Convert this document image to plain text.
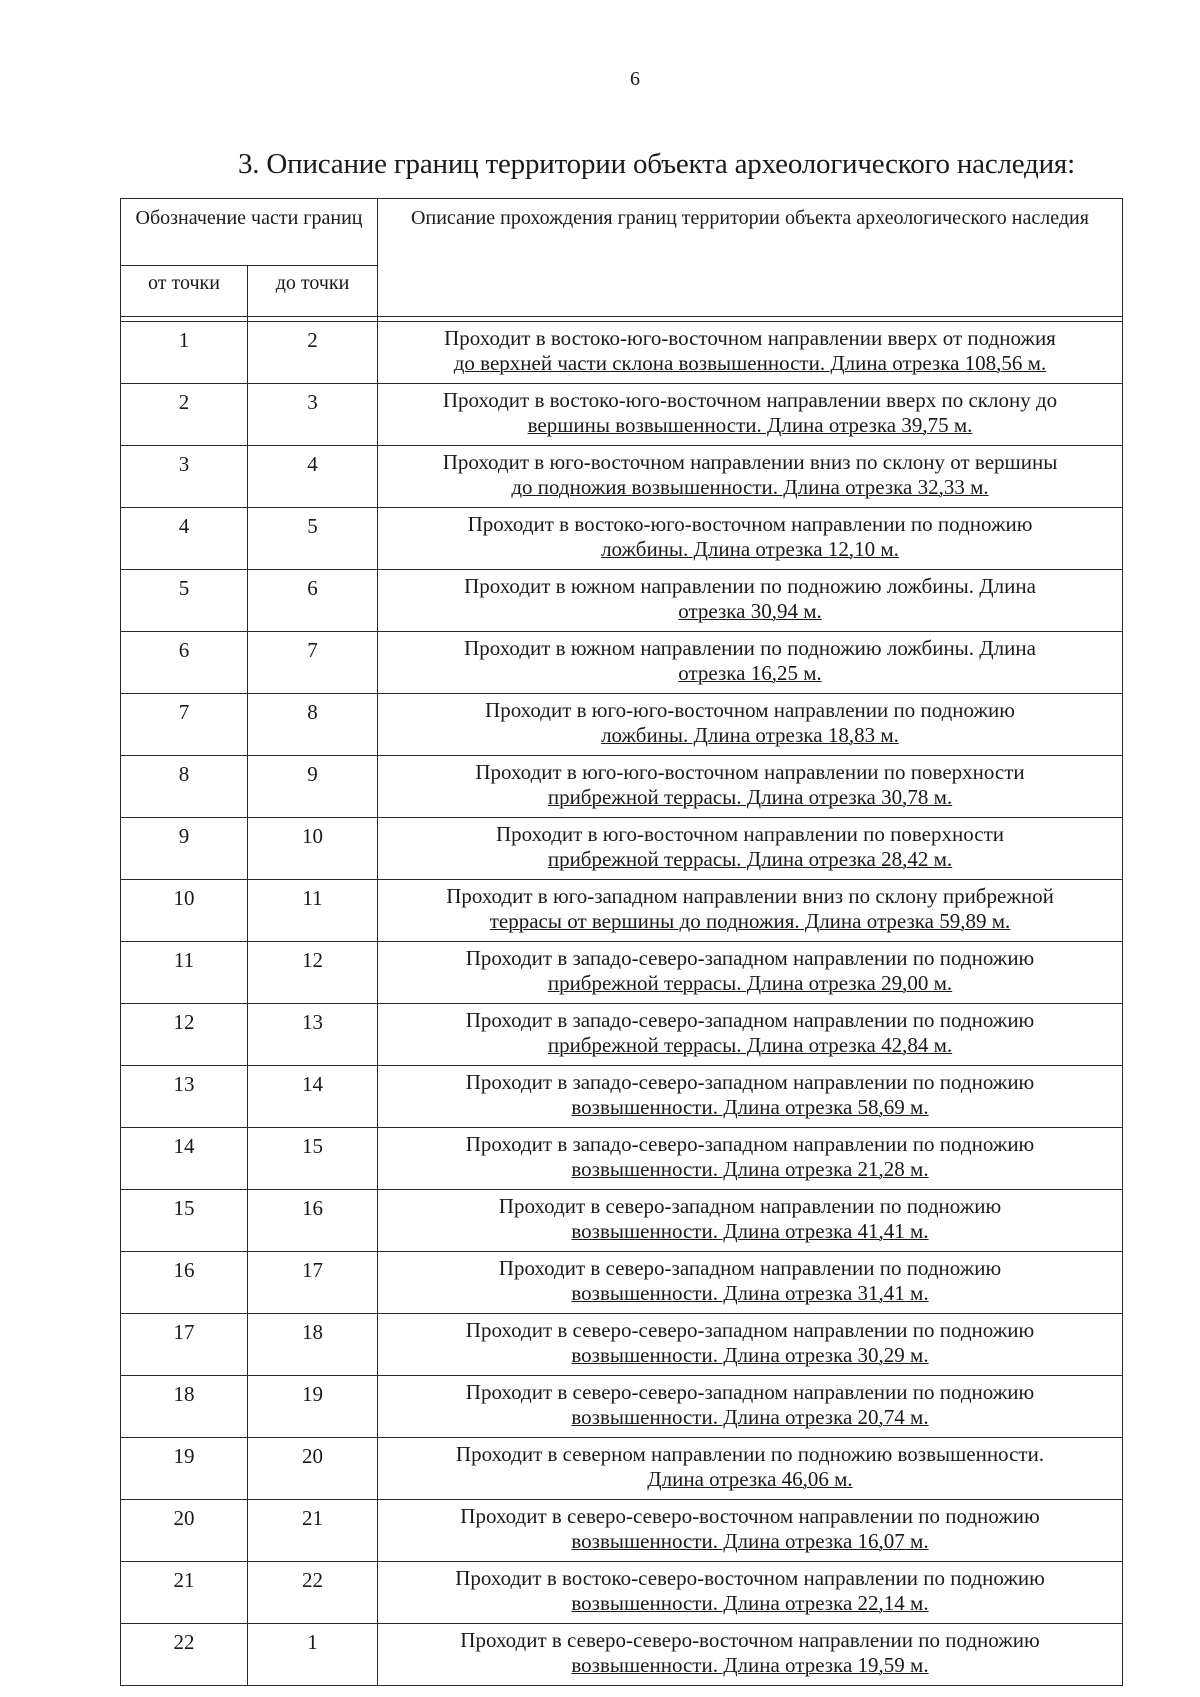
6
3. Описание границ территории объекта археологического наследия:
Обозначение части границ		Описание прохождения границ территории объекта археологического наследия
от точки	до точки	

1	2	Проходит в востоко-юго-восточном направлении вверх от подножия
до верхней части склона возвышенности. Длина отрезка 108,56 м.

2	3	Проходит в востоко-юго-восточном направлении вверх по склону до
вершины возвышенности. Длина отрезка 39,75 м.

3	4	Проходит в юго-восточном направлении вниз по склону от вершины
до подножия возвышенности. Длина отрезка 32,33 м.

4	5	Проходит в востоко-юго-восточном направлении по подножию
ложбины. Длина отрезка 12,10 м.

5	6	Проходит в южном направлении по подножию ложбины. Длина
отрезка 30,94 м.

6	7	Проходит в южном направлении по подножию ложбины. Длина
отрезка 16,25 м.

7	8	Проходит в юго-юго-восточном направлении по подножию
ложбины. Длина отрезка 18,83 м.

8	9	Проходит в юго-юго-восточном направлении по поверхности
прибрежной террасы. Длина отрезка 30,78 м.

9	10	Проходит в юго-восточном направлении по поверхности
прибрежной террасы. Длина отрезка 28,42 м.

10	11	Проходит в юго-западном направлении вниз по склону прибрежной
террасы от вершины до подножия. Длина отрезка 59,89 м.

11	12	Проходит в западо-северо-западном направлении по подножию
прибрежной террасы. Длина отрезка 29,00 м.

12	13	Проходит в западо-северо-западном направлении по подножию
прибрежной террасы. Длина отрезка 42,84 м.

13	14	Проходит в западо-северо-западном направлении по подножию
возвышенности. Длина отрезка 58,69 м.

14	15	Проходит в западо-северо-западном направлении по подножию
возвышенности. Длина отрезка 21,28 м.

15	16	Проходит в северо-западном направлении по подножию
возвышенности. Длина отрезка 41,41 м.

16	17	Проходит в северо-западном направлении по подножию
возвышенности. Длина отрезка 31,41 м.

17	18	Проходит в северо-северо-западном направлении по подножию
возвышенности. Длина отрезка 30,29 м.

18	19	Проходит в северо-северо-западном направлении по подножию
возвышенности. Длина отрезка 20,74 м.

19	20	Проходит в северном направлении по подножию возвышенности.
Длина отрезка 46,06 м.

20	21	Проходит в северо-северо-восточном направлении по подножию
возвышенности. Длина отрезка 16,07 м.

21	22	Проходит в востоко-северо-восточном направлении по подножию
возвышенности. Длина отрезка 22,14 м.

22	1	Проходит в северо-северо-восточном направлении по подножию
возвышенности. Длина отрезка 19,59 м.
